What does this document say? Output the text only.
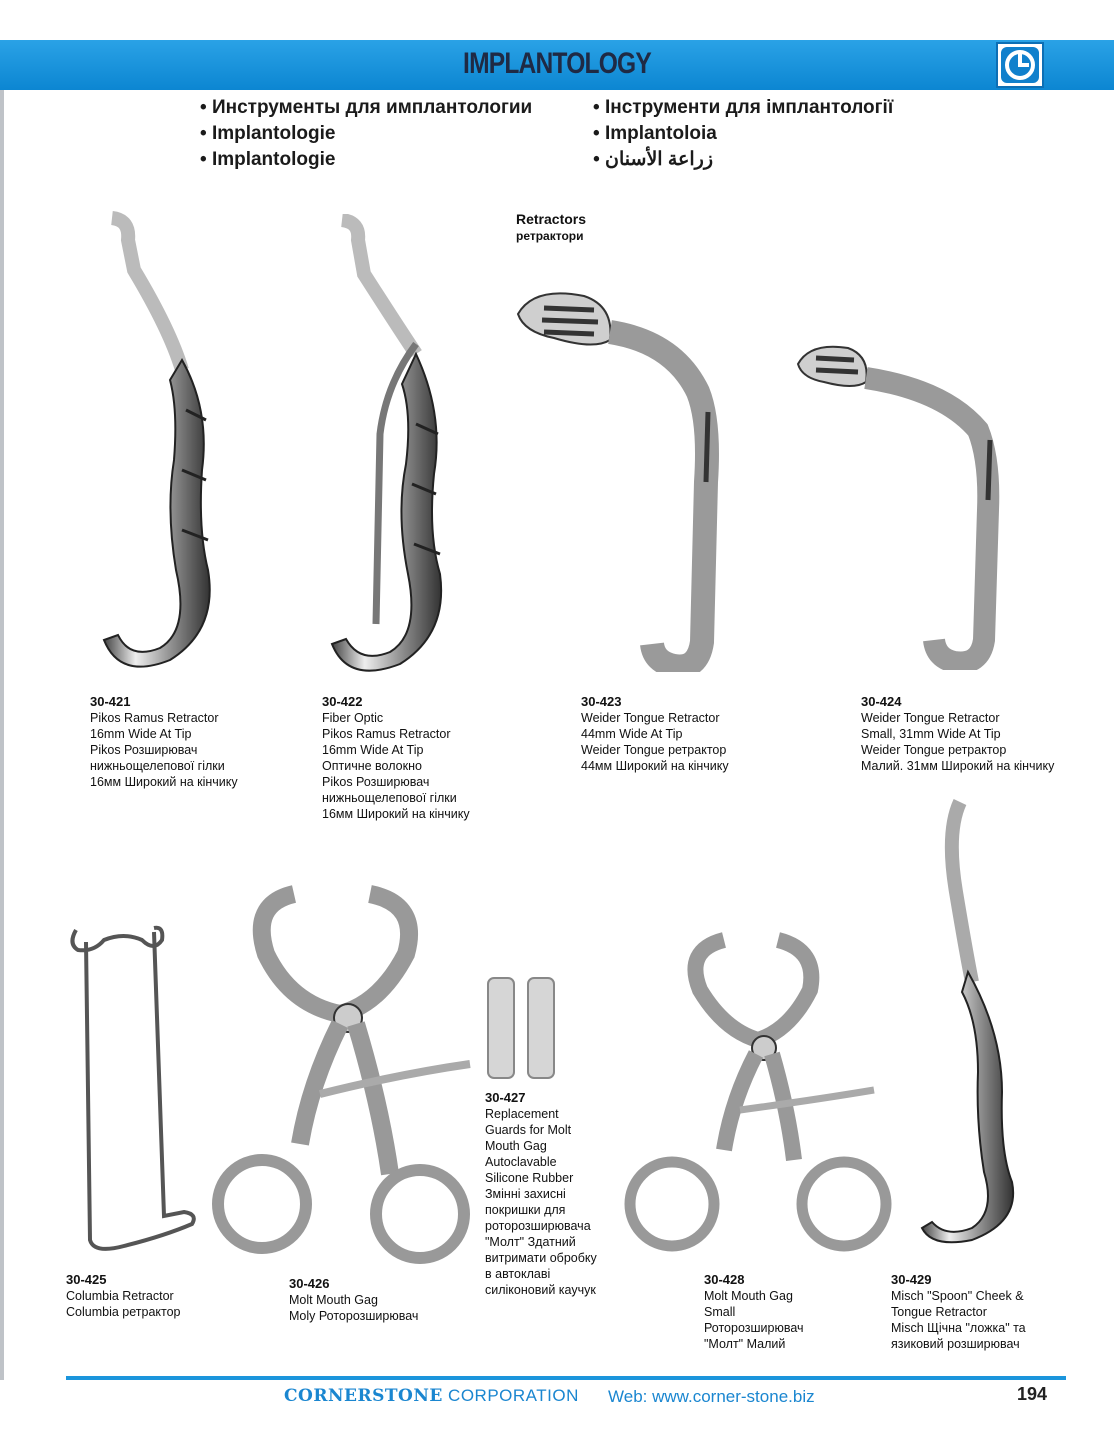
IMPLANTOLOGY
• Инструменты для имплантологии
• Implantologie
• Implantologie
• Інструменти для імплантології
• Implantoloia
زراعة الأسنان •
Retractors
ретрактори
30-421
Pikos Ramus Retractor
16mm Wide At Tip
Pikos Розширювач
нижньощелепової гілки
16мм Широкий на кінчику
30-422
Fiber Optic
Pikos Ramus Retractor
16mm Wide At Tip
Оптичне волокно
Pikos Розширювач
нижньощелепової гілки
16мм Широкий на кінчику
30-423
Weider Tongue Retractor
44mm Wide At Tip
Weider Tongue ретрактор
44мм Широкий на кінчику
30-424
Weider Tongue Retractor
Small, 31mm Wide At Tip
Weider Tongue ретрактор
Малий. 31мм Широкий на кінчику
30-425
Columbia Retractor
Columbia ретрактор
30-426
Molt Mouth Gag
Moly Роторозширювач
30-427
Replacement
Guards for Molt
Mouth Gag
Autoclavable
Silicone Rubber
Змінні захисні
покришки для
роторозширювача
"Молт" Здатний
витримати обробку
в автоклаві
силіконовий каучук
30-428
Molt Mouth Gag
Small
Роторозширювач
"Молт" Малий
30-429
Misch "Spoon" Cheek &
Tongue Retractor
Misch Щічна "ложка" та
язиковий розширювач
CORNERSTONE CORPORATION Web: www.corner-stone.biz	194
